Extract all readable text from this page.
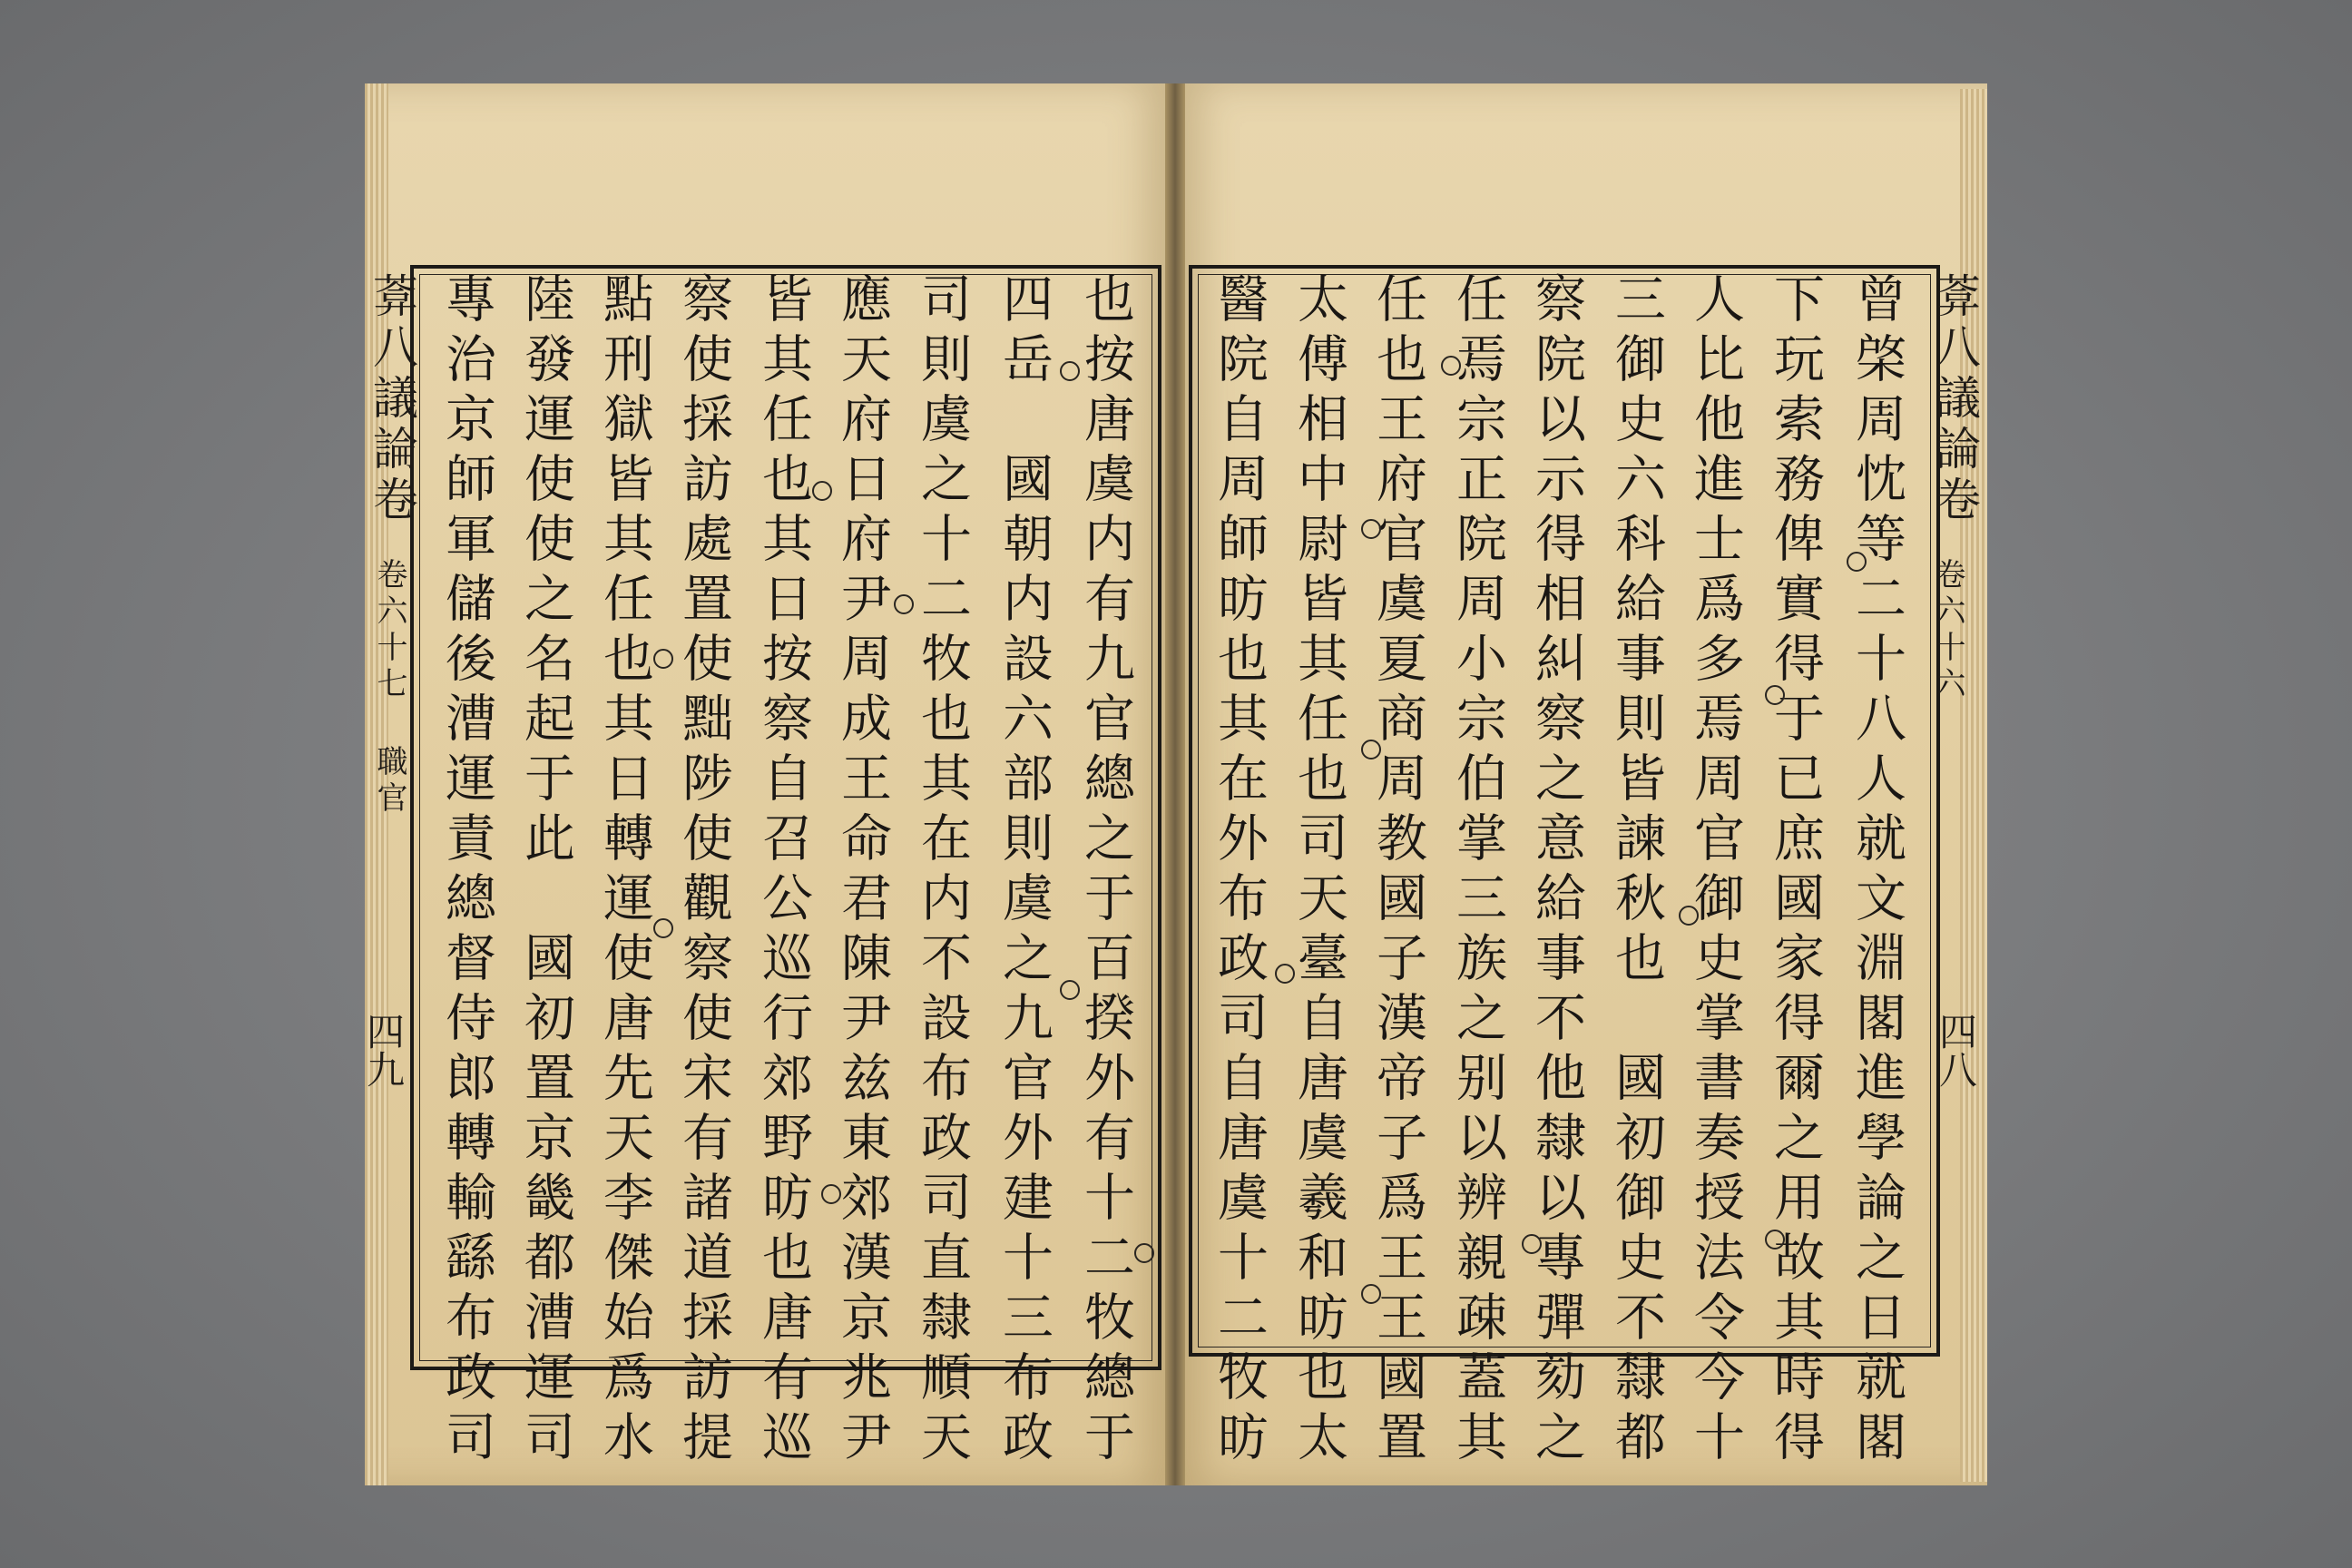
葊八議論卷
卷六十七 職官
四九	也按唐虞内有九官總之于百揆外有十二牧總于
四岳　國朝内設六部則虞之九官外建十三布政
司則虞之十二牧也其在内不設布政司直隸順天
應天府日府尹周成王命君陳尹兹東郊漢京兆尹
皆其任也其日按察自召公巡行郊野昉也唐有巡
察使採訪處置使黜陟使觀察使宋有諸道採訪提
點刑獄皆其任也其日轉運使唐先天李傑始爲水
陸發運使使之名起于此　國初置京畿都漕運司
專治京師軍儲後漕運責總督侍郎轉輸繇布政司	葊八議論卷
卷六十六
四八
曾棨周忱等二十八人就文淵閣進學論之日就閣
下玩索務俾實得于已庶國家得爾之用故其時得
人比他進士爲多焉周官御史掌書奏授法令今十
三御史六科給事則皆諫秋也　國初御史不隸都
察院以示得相糾察之意給事不他隸以專彈劾之
任焉宗正院周小宗伯掌三族之别以辨親疎蓋其
任也王府官虞夏商周教國子漢帝子爲王王國置
太傅相中尉皆其任也司天臺自唐虞羲和昉也太
醫院自周師昉也其在外布政司自唐虞十二牧昉
